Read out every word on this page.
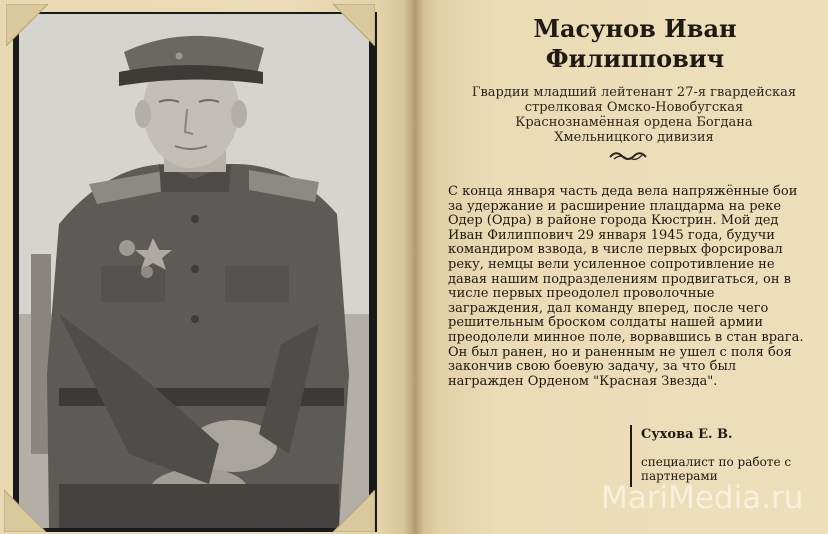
Масунов Иван Филиппович
Гвардии младший лейтенант 27-я гвардейская стрелковая Омско-Новобугская Краснознамённая ордена Богдана Хмельницкого дивизия
С конца января часть деда вела напряжённые бои за удержание и расширение плацдарма на реке Одер (Одра) в районе города Кюстрин. Мой дед Иван Филиппович 29 января 1945 года, будучи командиром взвода, в числе первых форсировал реку, немцы вели усиленное сопротивление не давая нашим подразделениям продвигаться, он в числе первых преодолел проволочные заграждения, дал команду вперед, после чего решительным броском солдаты нашей армии преодолели минное поле, ворвавшись в стан врага. Он был ранен, но и раненным не ушел с поля боя закончив свою боевую задачу, за что был награжден Орденом "Красная Звезда".
Сухова Е. В.
специалист по работе с партнерами
MariMedia.ru
